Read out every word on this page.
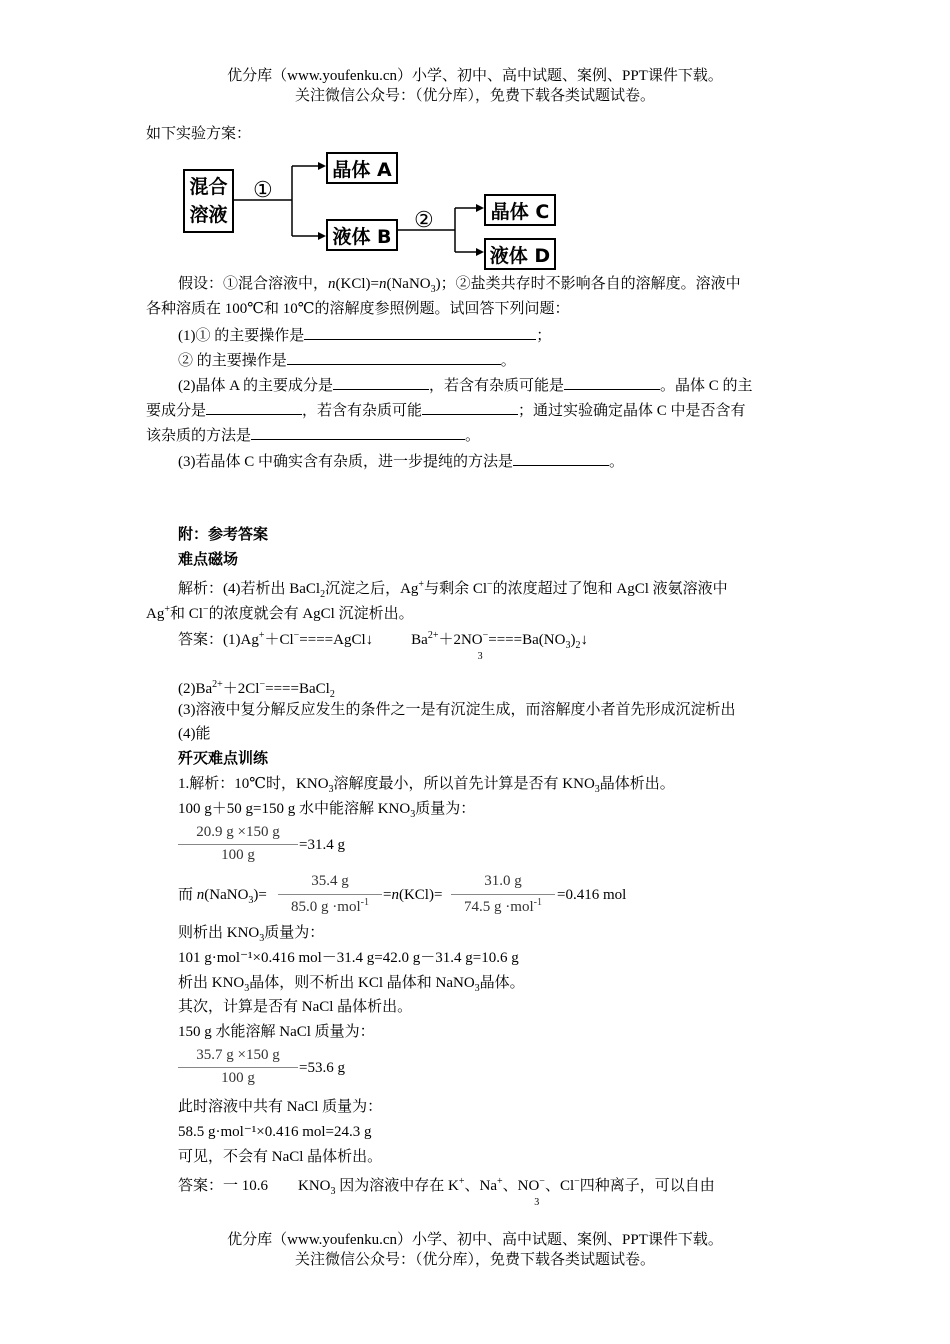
优分库（www.youfenku.cn）小学、初中、高中试题、案例、PPT课件下载。
关注微信公众号：（优分库），免费下载各类试题试卷。
如下实验方案：
混合
溶液
①
晶体 A
液体 B
②	晶体 C
液体 D
假设：①混合溶液中，n(KCl)=n(NaNO$_3$)；②盐类共存时不影响各自的溶解度。溶液中
各种溶质在 100℃和 10℃的溶解度参照例题。试回答下列问题：
(1)① 的主要操作是	；
② 的主要操作是	。
(2)晶体 A 的主要成分是	，若含有杂质可能是	。晶体 C 的主
要成分是	，若含有杂质可能	；通过实验确定晶体 C 中是否含有
该杂质的方法是	。
(3)若晶体 C 中确实含有杂质，进一步提纯的方法是	。
附：参考答案
难点磁场
解析：(4)若析出 BaCl$_2$沉淀之后，Ag+与剩余 Cl−的浓度超过了饱和 AgCl 液氨溶液中
Ag+和 Cl−的浓度就会有 AgCl 沉淀析出。
答案：(1)Ag+＋Cl−====AgCl↓	$Ba^{2+}+2NO^-$
3
$====Ba(NO_3)_2↓$
$(2)Ba^{2+}+2Cl^-====BaCl_2$
(3)溶液中复分解反应发生的条件之一是有沉淀生成，而溶解度小者首先形成沉淀析出
(4)能
歼灭难点训练
1.解析：10℃时，$KNO_3$溶解度最小，所以首先计算是否有 $KNO_3$晶体析出。
100 g＋50 g=150 g 水中能溶解 $KNO_3$质量为：
20.9 g ×150 g
100 g
=31.4 g
而 n(NaNO$_3$)=
35.4 g
85.0 g ·mol$^{-1}$ =n(KCl)=
31.0 g
74.5 g ·mol$^{-1}$	=0.416 mol
则析出 $KNO_3$质量为：
101 g·mol⁻¹×0.416 mol－31.4 g=42.0 g－31.4 g=10.6 g
析出 $KNO_3$晶体，则不析出 KCl 晶体和 NaNO$_3$晶体。
其次，计算是否有 NaCl 晶体析出。
150 g 水能溶解 NaCl 质量为：
35.7 g ×150 g
100 g
=53.6 g
此时溶液中共有 NaCl 质量为：
58.5 g·mol⁻¹×0.416 mol=24.3 g
可见，不会有 NaCl 晶体析出。
答案：一 10.6　　$KNO_3$ 因为溶液中存在 K+、Na+、NO−
3
、Cl−四种离子，可以自由
优分库（www.youfenku.cn）小学、初中、高中试题、案例、PPT课件下载。
关注微信公众号：（优分库），免费下载各类试题试卷。
